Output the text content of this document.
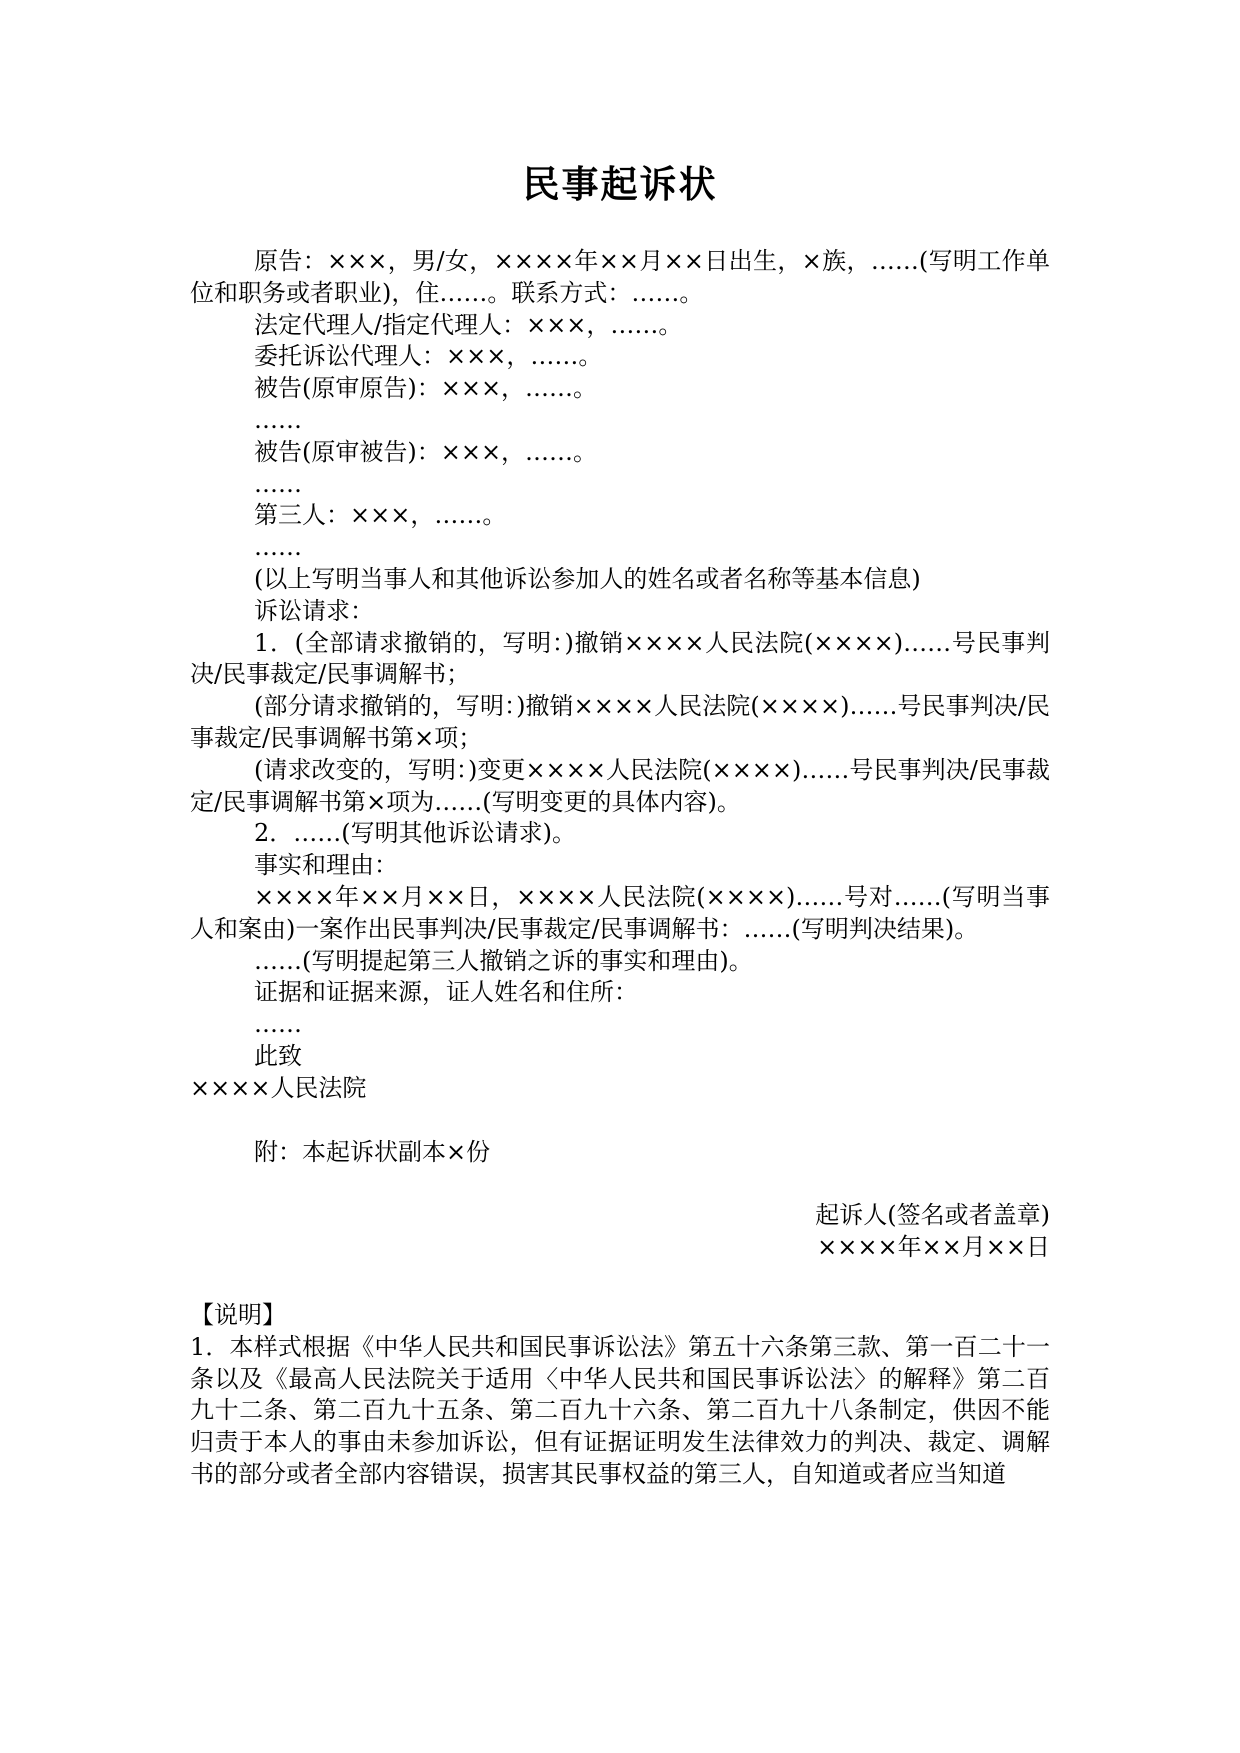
民事起诉状

原告：×××，男/女，××××年××月××日出生，×族，……(写明工作单位和职务或者职业)，住……。联系方式：……。

法定代理人/指定代理人：×××，……。

委托诉讼代理人：×××，……。

被告(原审原告)：×××，……。

……

被告(原审被告)：×××，……。

……

第三人：×××，……。

……

(以上写明当事人和其他诉讼参加人的姓名或者名称等基本信息)

诉讼请求：

1．(全部请求撤销的，写明：)撤销××××人民法院(××××)……号民事判决/民事裁定/民事调解书；

(部分请求撤销的，写明：)撤销××××人民法院(××××)……号民事判决/民事裁定/民事调解书第×项；

(请求改变的，写明：)变更××××人民法院(××××)……号民事判决/民事裁定/民事调解书第×项为……(写明变更的具体内容)。

2．……(写明其他诉讼请求)。

事实和理由：

××××年××月××日，××××人民法院(××××)……号对……(写明当事人和案由)一案作出民事判决/民事裁定/民事调解书：……(写明判决结果)。

……(写明提起第三人撤销之诉的事实和理由)。

证据和证据来源，证人姓名和住所：

……

此致

××××人民法院

附：本起诉状副本×份

起诉人(签名或者盖章)

××××年××月××日

【说明】

1．本样式根据《中华人民共和国民事诉讼法》第五十六条第三款、第一百二十一条以及《最高人民法院关于适用〈中华人民共和国民事诉讼法〉的解释》第二百九十二条、第二百九十五条、第二百九十六条、第二百九十八条制定，供因不能归责于本人的事由未参加诉讼，但有证据证明发生法律效力的判决、裁定、调解书的部分或者全部内容错误，损害其民事权益的第三人，自知道或者应当知道
